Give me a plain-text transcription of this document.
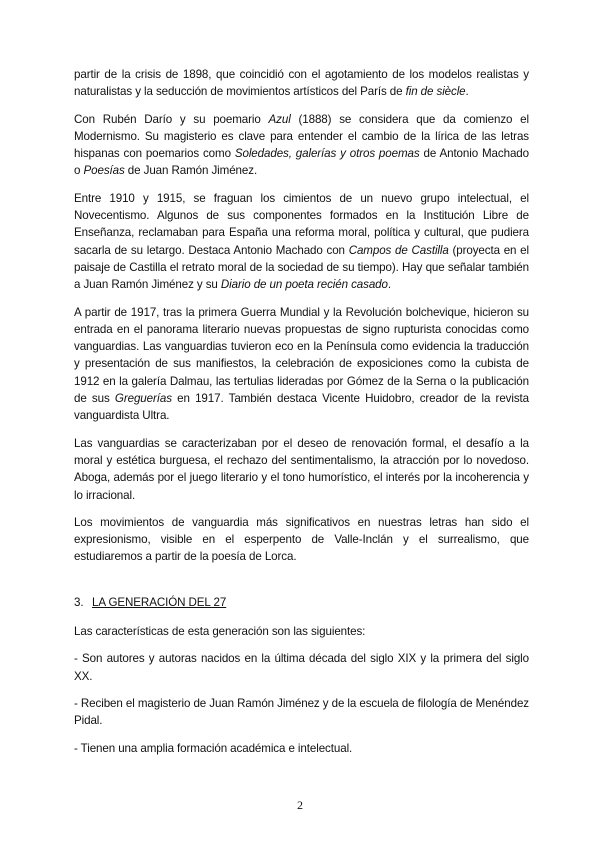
partir de la crisis de 1898, que coincidió con el agotamiento de los modelos realistas y naturalistas y la seducción de movimientos artísticos del París de fin de siècle.

Con Rubén Darío y su poemario Azul (1888) se considera que da comienzo el Modernismo. Su magisterio es clave para entender el cambio de la lírica de las letras hispanas con poemarios como Soledades, galerías y otros poemas de Antonio Machado o Poesías de Juan Ramón Jiménez.

Entre 1910 y 1915, se fraguan los cimientos de un nuevo grupo intelectual, el Novecentismo. Algunos de sus componentes formados en la Institución Libre de Enseñanza, reclamaban para España una reforma moral, política y cultural, que pudiera sacarla de su letargo. Destaca Antonio Machado con Campos de Castilla (proyecta en el paisaje de Castilla el retrato moral de la sociedad de su tiempo). Hay que señalar también a Juan Ramón Jiménez y su Diario de un poeta recién casado.

A partir de 1917, tras la primera Guerra Mundial y la Revolución bolchevique, hicieron su entrada en el panorama literario nuevas propuestas de signo rupturista conocidas como vanguardias. Las vanguardias tuvieron eco en la Península como evidencia la traducción y presentación de sus manifiestos, la celebración de exposiciones como la cubista de 1912 en la galería Dalmau, las tertulias lideradas por Gómez de la Serna o la publicación de sus Greguerías en 1917. También destaca Vicente Huidobro, creador de la revista vanguardista Ultra.

Las vanguardias se caracterizaban por el deseo de renovación formal, el desafío a la moral y estética burguesa, el rechazo del sentimentalismo, la atracción por lo novedoso. Aboga, además por el juego literario y el tono humorístico, el interés por la incoherencia y lo irracional.

Los movimientos de vanguardia más significativos en nuestras letras han sido el expresionismo, visible en el esperpento de Valle-Inclán y el surrealismo, que estudiaremos a partir de la poesía de Lorca.

3. LA GENERACIÓN DEL 27

Las características de esta generación son las siguientes:

- Son autores y autoras nacidos en la última década del siglo XIX y la primera del siglo XX.

- Reciben el magisterio de Juan Ramón Jiménez y de la escuela de filología de Menéndez Pidal.

- Tienen una amplia formación académica e intelectual.

2
